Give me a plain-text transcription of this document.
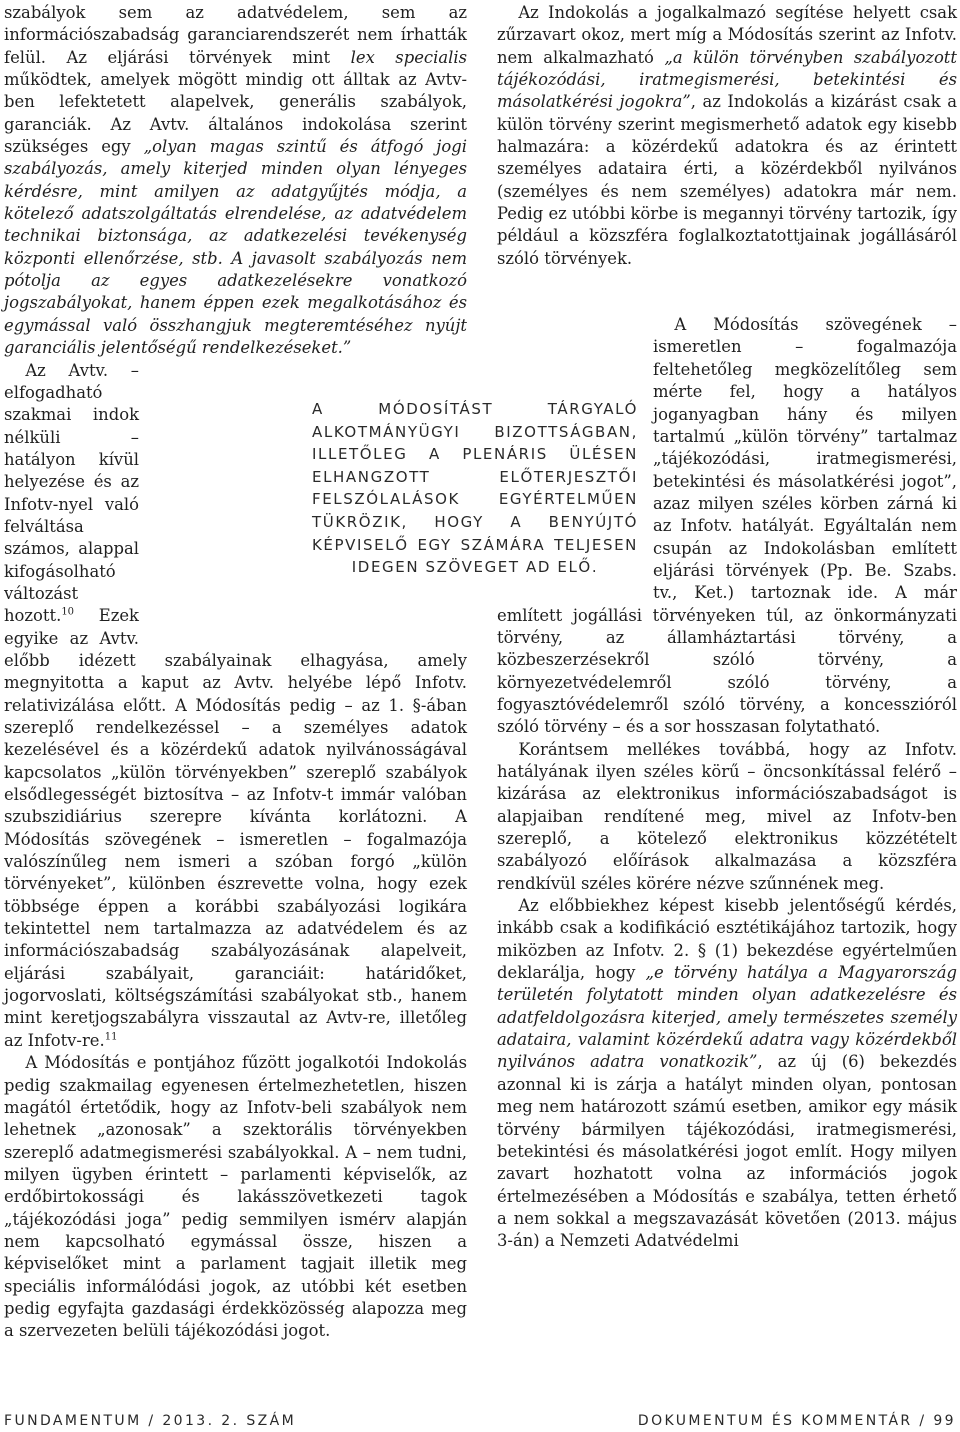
szabályok sem az adatvédelem, sem az információszabadság garanciarendszerét nem írhatták felül. Az eljárási törvények mint lex specialis működtek, amelyek mögött mindig ott álltak az Avtv-ben lefektetett alapelvek, generális szabályok, garanciák. Az Avtv. általános indokolása szerint szükséges egy „olyan magas szintű és átfogó jogi szabályozás, amely kiterjed minden olyan lényeges kérdésre, mint amilyen az adatgyűjtés módja, a kötelező adatszolgáltatás elrendelése, az adatvédelem technikai biztonsága, az adatkezelési tevékenység központi ellenőrzése, stb. A javasolt szabályozás nem pótolja az egyes adatkezelésekre vonatkozó jogszabályokat, hanem éppen ezek megalkotásához és egymással való összhangjuk megteremtéséhez nyújt garanciális jelentőségű rendelkezéseket.”

Az Avtv. – elfogadható szakmai indok nélküli – hatályon kívül helyezése és az Infotv-nyel való felváltása számos, alappal kifogásolható változást hozott.$^{10}$ Ezek egyike az Avtv. előbb idézett szabályainak elhagyása, amely megnyitotta a kaput az Avtv. helyébe lépő Infotv. relativizálása előtt. A Módosítás pedig – az 1. §-ában szereplő rendelkezéssel – a személyes adatok kezelésével és a közérdekű adatok nyilvánosságával kapcsolatos „külön törvényekben” szereplő szabályok elsődlegességét biztosítva – az Infotv-t immár valóban szubszidiárius szerepre kívánta korlátozni. A Módosítás szövegének – ismeretlen – fogalmazója valószínűleg nem ismeri a szóban forgó „külön törvényeket”, különben észrevette volna, hogy ezek többsége éppen a korábbi szabályozási logikára tekintettel nem tartalmazza az adatvédelem és az információszabadság szabályozásának alapelveit, eljárási szabályait, garanciáit: határidőket, jogorvoslati, költségszámítási szabályokat stb., hanem mint keretjogszabályra visszautal az Avtv-re, illetőleg az Infotv-re.$^{11}$

A Módosítás e pontjához fűzött jogalkotói Indokolás pedig szakmailag egyenesen értelmezhetetlen, hiszen magától értetődik, hogy az Infotv-beli szabályok nem lehetnek „azonosak” a szektorális törvényekben szereplő adatmegismerési szabályokkal. A – nem tudni, milyen ügyben érintett – parlamenti képviselők, az erdőbirtokossági és lakásszövetkezeti tagok „tájékozódási joga” pedig semmilyen ismérv alapján nem kapcsolható egymással össze, hiszen a képviselőket mint a parlament tagjait illetik meg speciális informálódási jogok, az utóbbi két esetben pedig egyfajta gazdasági érdekközösség alapozza meg a szervezeten belüli tájékozódási jogot.

Az Indokolás a jogalkalmazó segítése helyett csak zűrzavart okoz, mert míg a Módosítás szerint az Infotv. nem alkalmazható „a külön törvényben szabályozott tájékozódási, iratmegismerési, betekintési és másolatkérési jogokra”, az Indokolás a kizárást csak a külön törvény szerint megismerhető adatok egy kisebb halmazára: a közérdekű adatokra és az érintett személyes adataira érti, a közérdekből nyilvános (személyes és nem személyes) adatokra már nem. Pedig ez utóbbi körbe is megannyi törvény tartozik, így például a közszféra foglalkoztatottjainak jogállásáról szóló törvények.

A Módosítás szövegének – ismeretlen – fogalmazója feltehetőleg megközelítőleg sem mérte fel, hogy a hatályos joganyagban hány és milyen tartalmú „külön törvény” tartalmaz „tájékozódási, iratmegismerési, betekintési és másolatkérési jogot”, azaz milyen széles körben zárná ki az Infotv. hatályát. Egyáltalán nem csupán az Indokolásban említett eljárási törvények (Pp. Be. Szabs. tv., Ket.) tartoznak ide. A már említett jogállási törvényeken túl, az önkormányzati törvény, az államháztartási törvény, a közbeszerzésekről szóló törvény, a környezetvédelemről szóló törvény, a fogyasztóvédelemről szóló törvény, a koncesszióról szóló törvény – és a sor hosszasan folytatható.

Korántsem mellékes továbbá, hogy az Infotv. hatályának ilyen széles körű – öncsonkítással felérő – kizárása az elektronikus információszabadságot is alapjaiban rendítené meg, mivel az Infotv-ben szereplő, a kötelező elektronikus közzétételt szabályozó előírások alkalmazása a közszféra rendkívül széles körére nézve szűnnének meg.

Az előbbiekhez képest kisebb jelentőségű kérdés, inkább csak a kodifikáció esztétikájához tartozik, hogy miközben az Infotv. 2. § (1) bekezdése egyértelműen deklarálja, hogy „e törvény hatálya a Magyarország területén folytatott minden olyan adatkezelésre és adatfeldolgozásra kiterjed, amely természetes személy adataira, valamint közérdekű adatra vagy közérdekből nyilvános adatra vonatkozik”, az új (6) bekezdés azonnal ki is zárja a hatályt minden olyan, pontosan meg nem határozott számú esetben, amikor egy másik törvény bármilyen tájékozódási, iratmegismerési, betekintési és másolatkérési jogot említ. Hogy milyen zavart hozhatott volna az információs jogok értelmezésében a Módosítás e szabálya, tetten érhető a nem sokkal a megszavazását követően (2013. május 3-án) a Nemzeti Adatvédelmi

A MÓDOSÍTÁST TÁRGYALÓ ALKOTMÁNYÜGYI BIZOTTSÁGBAN, ILLETŐLEG A PLENÁRIS ÜLÉSEN ELHANGZOTT ELŐTERJESZTŐI FELSZÓLALÁSOK EGYÉRTELMŰEN TÜKRÖZIK, HOGY A BENYÚJTÓ KÉPVISELŐ EGY SZÁMÁRA TELJESEN IDEGEN SZÖVEGET AD ELŐ.
FUNDAMENTUM / 2013. 2. SZÁM	DOKUMENTUM ÉS KOMMENTÁR / 99
